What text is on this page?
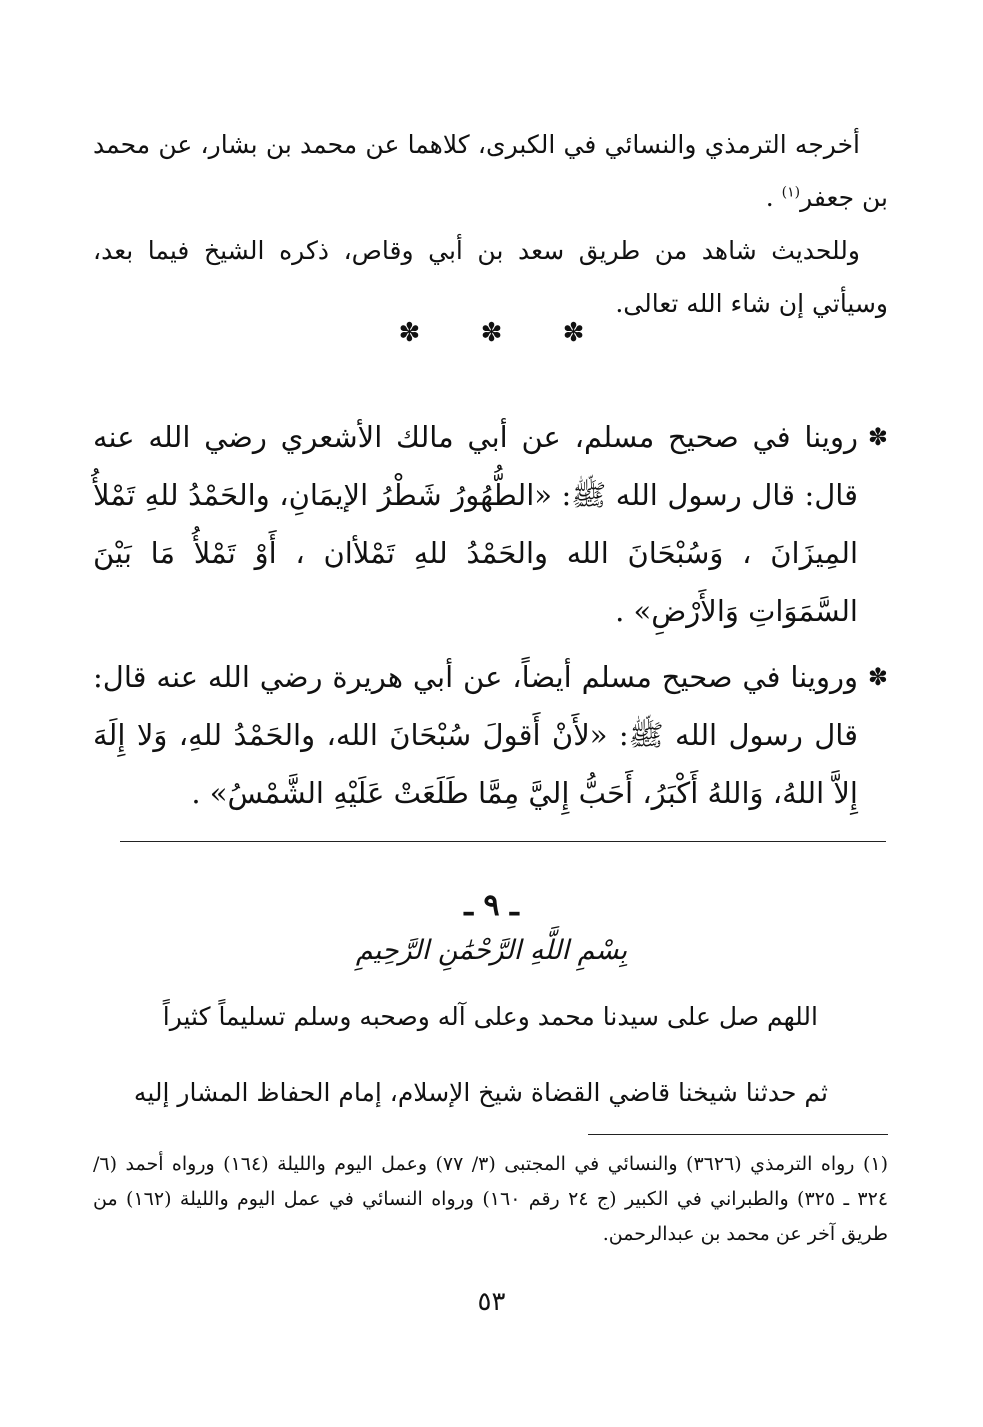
أخرجه الترمذي والنسائي في الكبرى، كلاهما عن محمد بن بشار، عن محمد بن جعفر$^{(١)}$ .

وللحديث شاهد من طريق سعد بن أبي وقاص، ذكره الشيخ فيما بعد، وسيأتي إن شاء الله تعالى.

✽ ✽ ✽

✽
روينا في صحيح مسلم، عن أبي مالك الأشعري رضي الله عنه قال: قال رسول الله ﷺ: «الطُّهُورُ شَطْرُ الإيمَانِ، والحَمْدُ للهِ تَمْلأُ المِيزَانَ ، وَسُبْحَانَ الله والحَمْدُ للهِ تَمْلأان ، أَوْ تَمْلأُ مَا بَيْنَ السَّمَوَاتِ وَالأَرْضِ» .

✽
وروينا في صحيح مسلم أيضاً، عن أبي هريرة رضي الله عنه قال: قال رسول الله ﷺ: «لأَنْ أَقولَ سُبْحَانَ الله، والحَمْدُ للهِ، وَلا إِلَهَ إِلاَّ اللهُ، وَاللهُ أَكْبَرُ، أَحَبُّ إِليَّ مِمَّا طَلَعَتْ عَلَيْهِ الشَّمْسُ» .

ـ ٩ ـ
بِسْمِ اللَّهِ الرَّحْمَٰنِ الرَّحِيمِ
اللهم صل على سيدنا محمد وعلى آله وصحبه وسلم تسليماً كثيراً
ثم حدثنا شيخنا قاضي القضاة شيخ الإسلام، إمام الحفاظ المشار إليه

(١) رواه الترمذي (٣٦٢٦) والنسائي في المجتبى (٣/ ٧٧) وعمل اليوم والليلة (١٦٤) ورواه أحمد (٦/ ٣٢٤ ـ ٣٢٥) والطبراني في الكبير (ج ٢٤ رقم ١٦٠) ورواه النسائي في عمل اليوم والليلة (١٦٢) من طريق آخر عن محمد بن عبدالرحمن.

٥٣
